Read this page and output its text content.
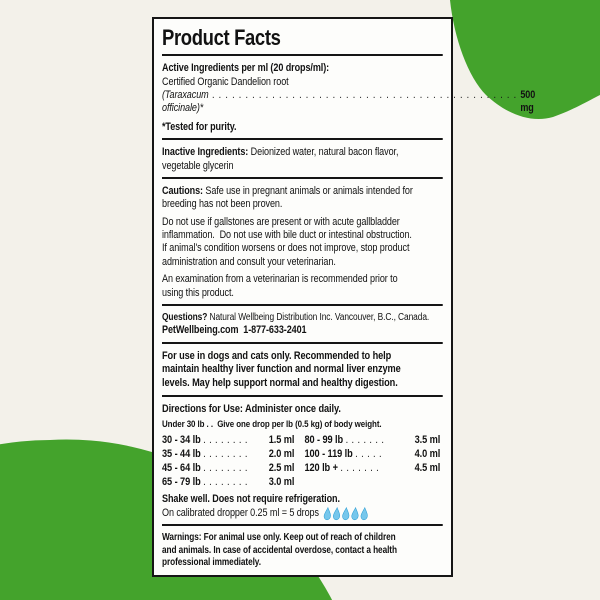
Product Facts

Active Ingredients per ml (20 drops/ml):

Certified Organic Dandelion root

(Taraxacum officinale)*
. . . . . . . . . . . . . . . . . . . . . . . . . . . . . . . . . . . . . . . . . . . . . . 500 mg

*Tested for purity.

Inactive Ingredients: Deionized water, natural bacon flavor,
vegetable glycerin

Cautions: Safe use in pregnant animals or animals intended for
breeding has not been proven.

Do not use if gallstones are present or with acute gallbladder
inflammation.  Do not use with bile duct or intestinal obstruction.
If animal's condition worsens or does not improve, stop product
administration and consult your veterinarian.

An examination from a veterinarian is recommended prior to
using this product.

Questions? Natural Wellbeing Distribution Inc. Vancouver, B.C., Canada.

PetWellbeing.com  1-877-633-2401

For use in dogs and cats only. Recommended to help
maintain healthy liver function and normal liver enzyme
levels. May help support normal and healthy digestion.

Directions for Use: Administer once daily.

Under 30 lb . .  Give one drop per lb (0.5 kg) of body weight.

30 - 34 lb . . . . . . . .	1.5 ml
35 - 44 lb . . . . . . . .	2.0 ml
45 - 64 lb . . . . . . . .	2.5 ml
65 - 79 lb . . . . . . . .	3.0 ml
80 - 99 lb . . . . . . .	3.5 ml
100 - 119 lb . . . . .	4.0 ml
120 lb + . . . . . . .	4.5 ml

Shake well. Does not require refrigeration.

On calibrated dropper 0.25 ml = 5 drops

Warnings: For animal use only. Keep out of reach of children
and animals. In case of accidental overdose, contact a health
professional immediately.
